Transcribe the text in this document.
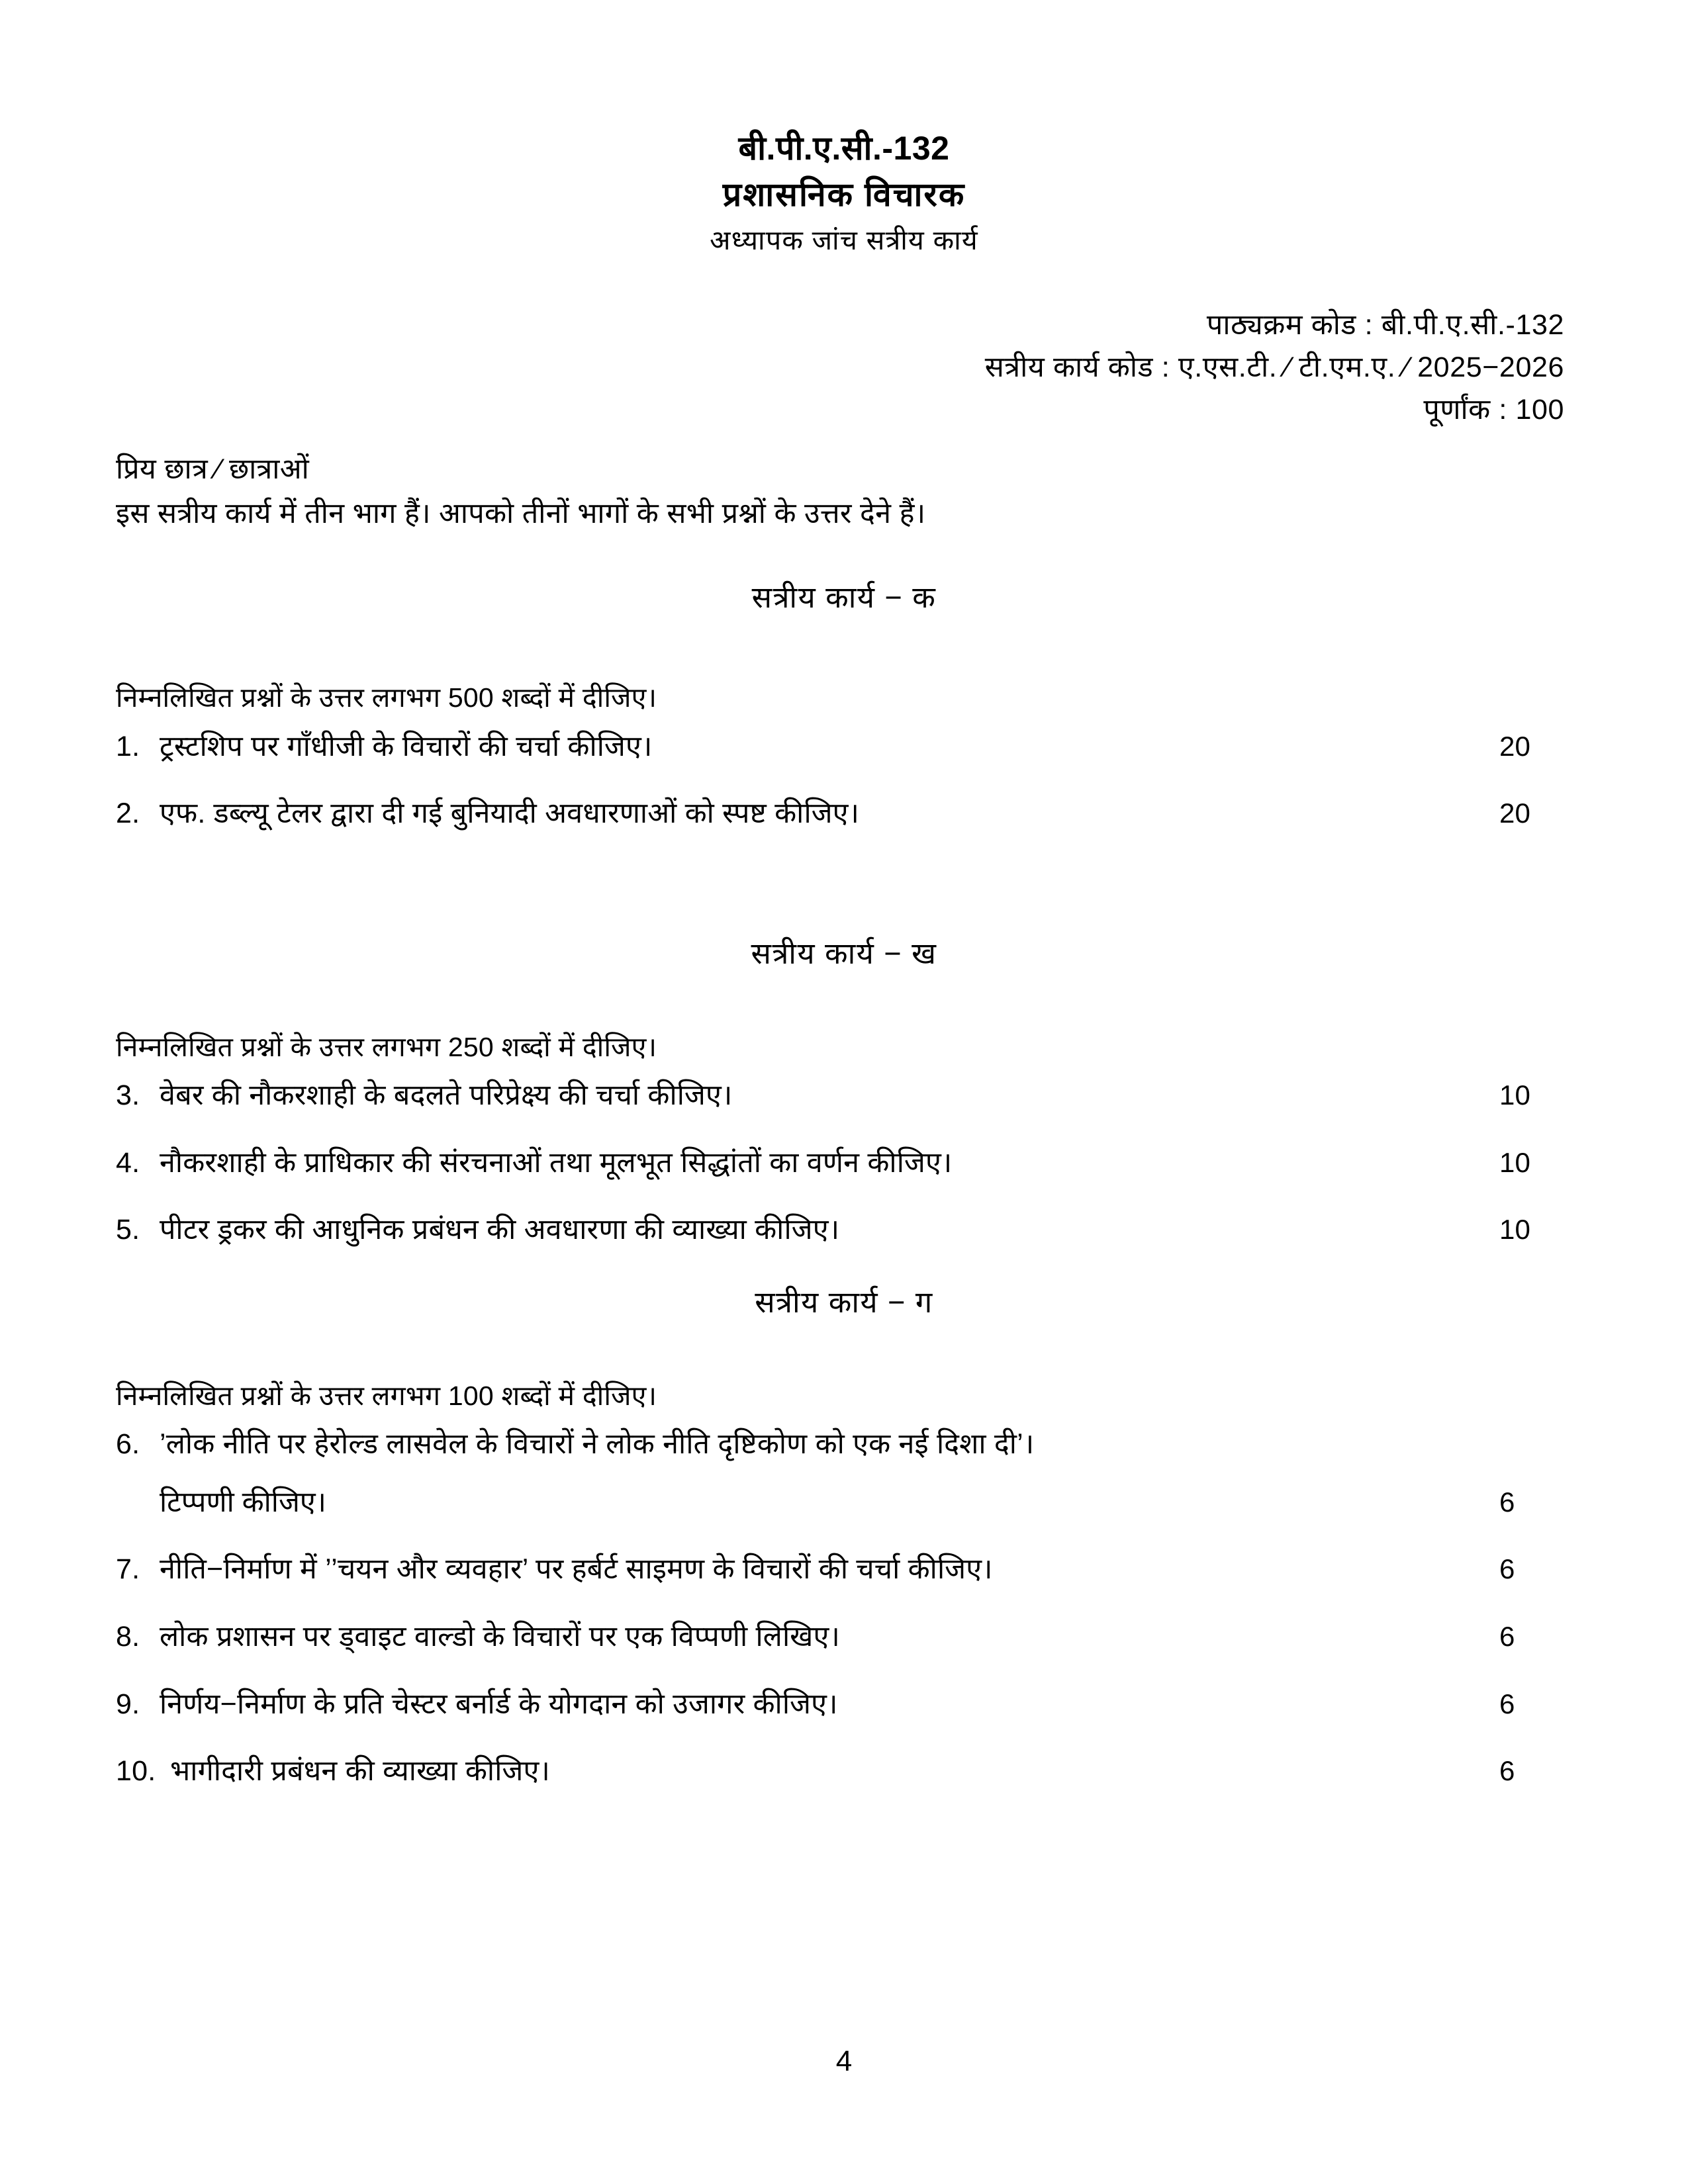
बी.पी.ए.सी.-132
प्रशासनिक विचारक
अध्यापक जांच सत्रीय कार्य
पाठ्यक्रम कोड : बी.पी.ए.सी.-132
सत्रीय कार्य कोड : ए.एस.टी. ⁄ टी.एम.ए. ⁄ 2025−2026
पूर्णांक : 100
प्रिय छात्र ⁄ छात्राओं
इस सत्रीय कार्य में तीन भाग हैं। आपको तीनों भागों के सभी प्रश्नों के उत्तर देने हैं।
सत्रीय कार्य − क
निम्नलिखित प्रश्नों के उत्तर लगभग 500 शब्दों में दीजिए।
1. ट्रस्टशिप पर गाँधीजी के विचारों की चर्चा कीजिए।	20
2. एफ. डब्ल्यू टेलर द्वारा दी गई बुनियादी अवधारणाओं को स्पष्ट कीजिए।	20
सत्रीय कार्य − ख
निम्नलिखित प्रश्नों के उत्तर लगभग 250 शब्दों में दीजिए।
3. वेबर की नौकरशाही के बदलते परिप्रेक्ष्य की चर्चा कीजिए।	10
4. नौकरशाही के प्राधिकार की संरचनाओं तथा मूलभूत सिद्धांतों का वर्णन कीजिए।	10
5. पीटर ड्रकर की आधुनिक प्रबंधन की अवधारणा की व्याख्या कीजिए।	10
सत्रीय कार्य − ग
निम्नलिखित प्रश्नों के उत्तर लगभग 100 शब्दों में दीजिए।
6. ’लोक नीति पर हेरोल्ड लासवेल के विचारों ने लोक नीति दृष्टिकोण को एक नई दिशा दी’।
टिप्पणी कीजिए।	6
7. नीति−निर्माण में ’’चयन और व्यवहार’ पर हर्बर्ट साइमण के विचारों की चर्चा कीजिए।	6
8. लोक प्रशासन पर ड्वाइट वाल्डो के विचारों पर एक विप्पणी लिखिए।	6
9. निर्णय−निर्माण के प्रति चेस्टर बर्नार्ड के योगदान को उजागर कीजिए।	6
10. भागीदारी प्रबंधन की व्याख्या कीजिए।	6
4
